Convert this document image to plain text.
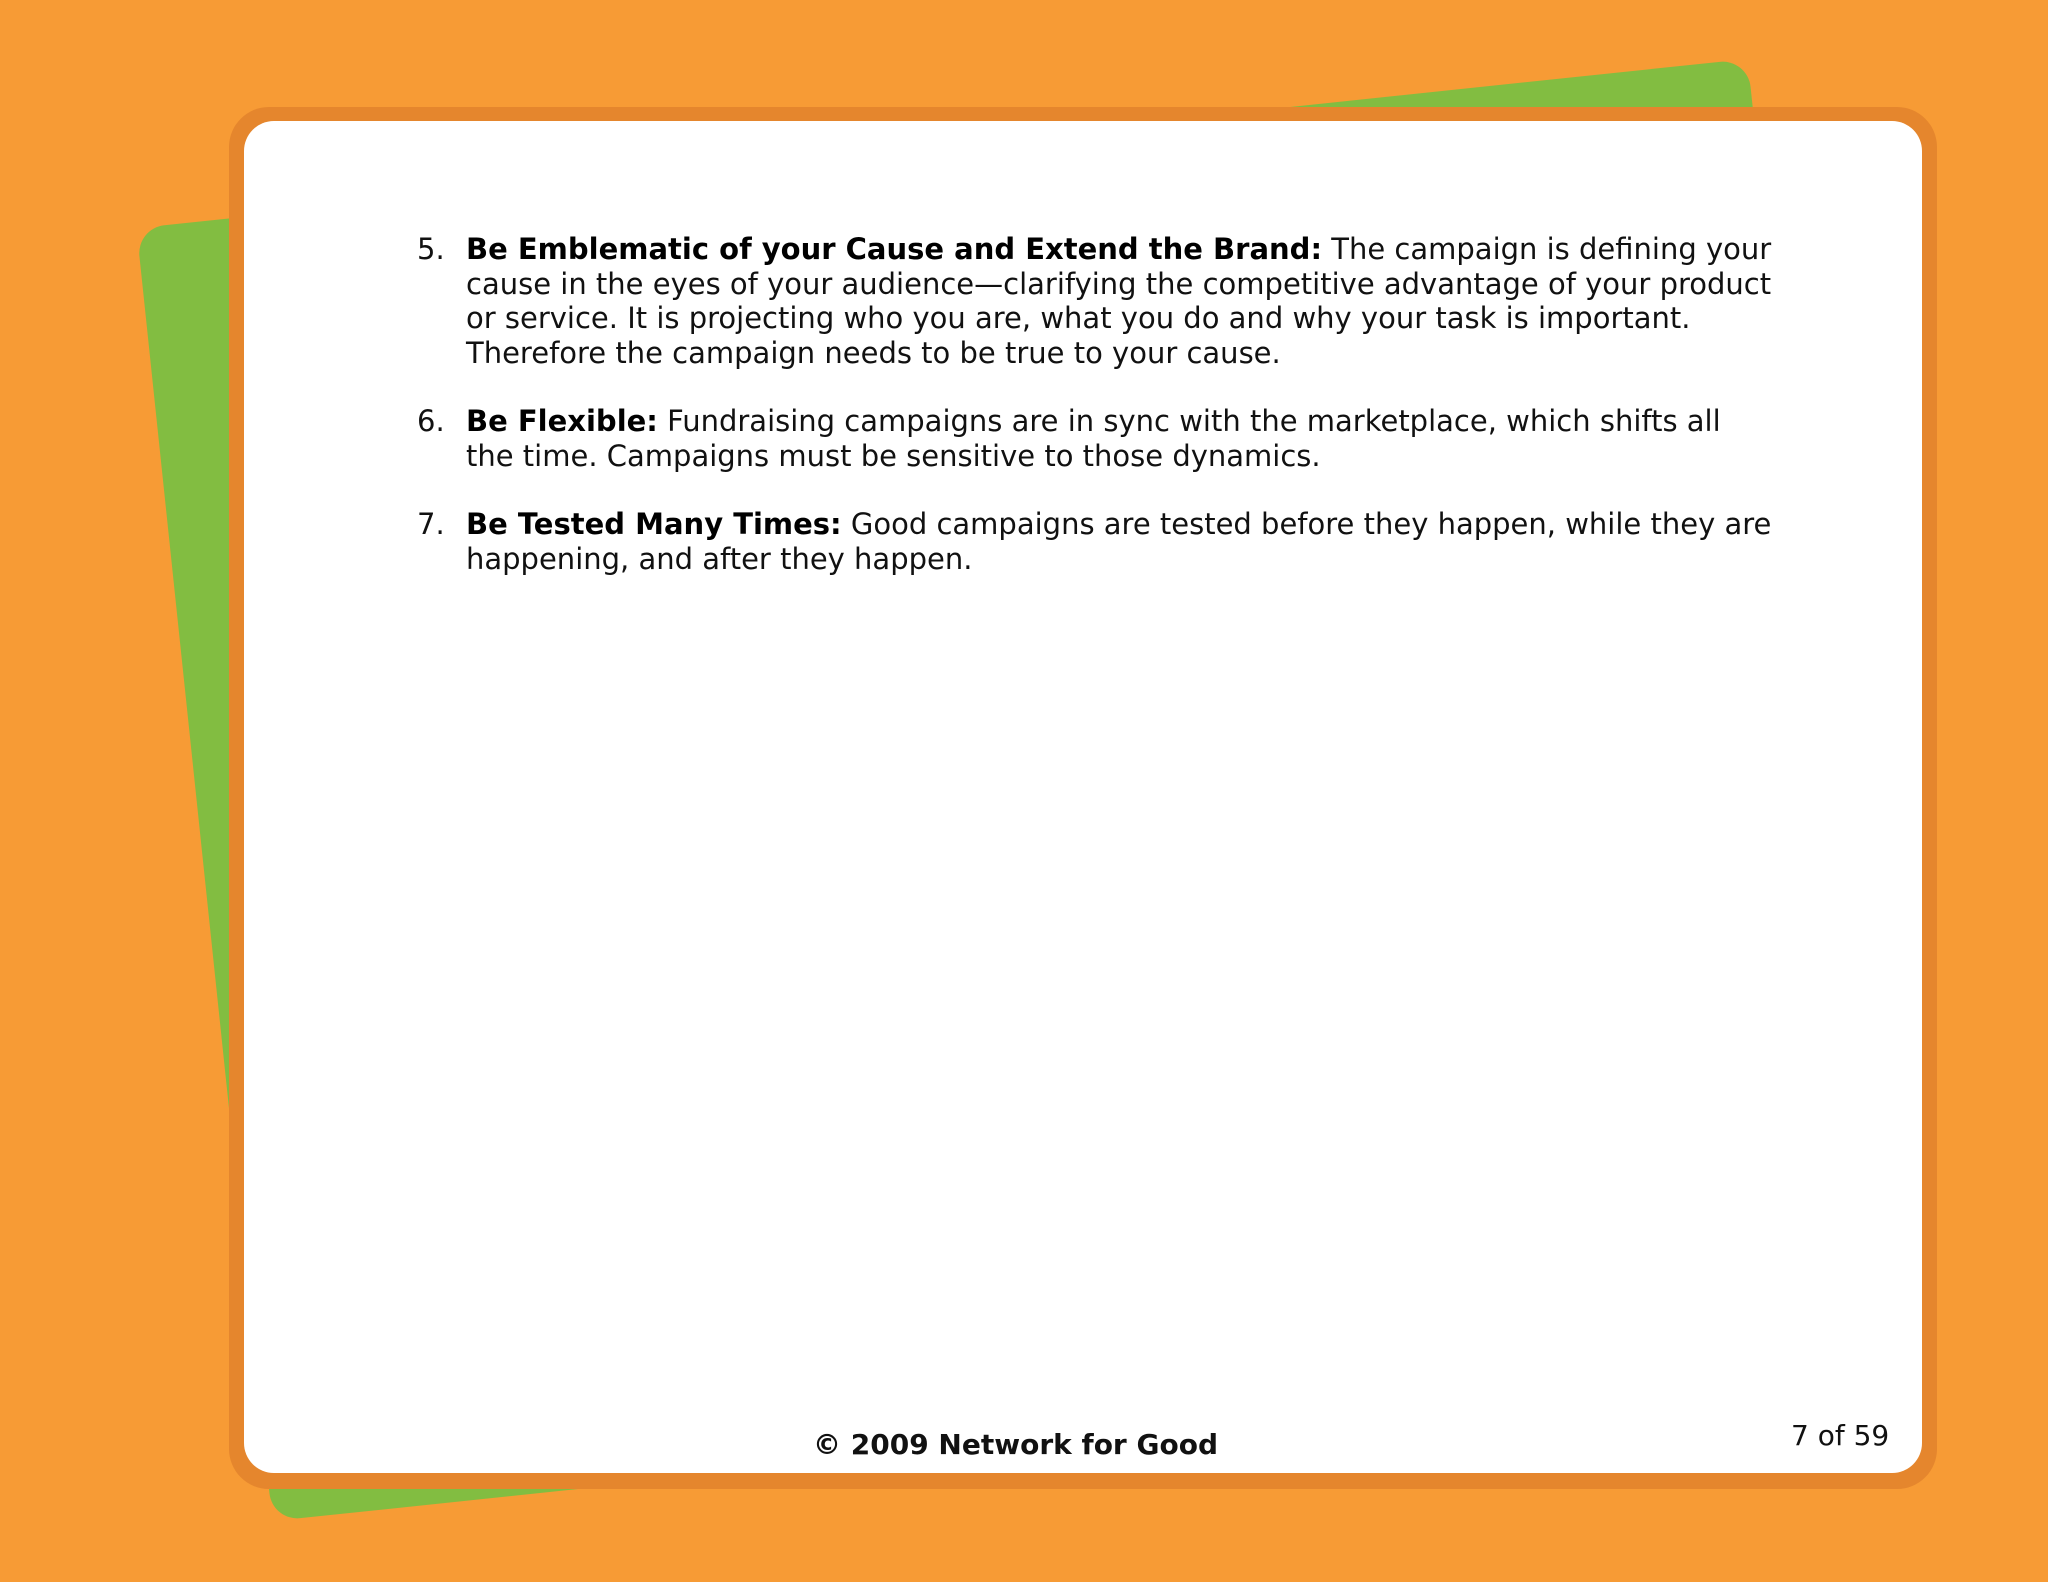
5. Be Emblematic of your Cause and Extend the Brand: The campaign is defining your cause in the eyes of your audience—clarifying the competitive advantage of your product or service. It is projecting who you are, what you do and why your task is important. Therefore the campaign needs to be true to your cause.
6. Be Flexible: Fundraising campaigns are in sync with the marketplace, which shifts all the time. Campaigns must be sensitive to those dynamics.
7. Be Tested Many Times: Good campaigns are tested before they happen, while they are happening, and after they happen.
© 2009 Network for Good	7 of 59
